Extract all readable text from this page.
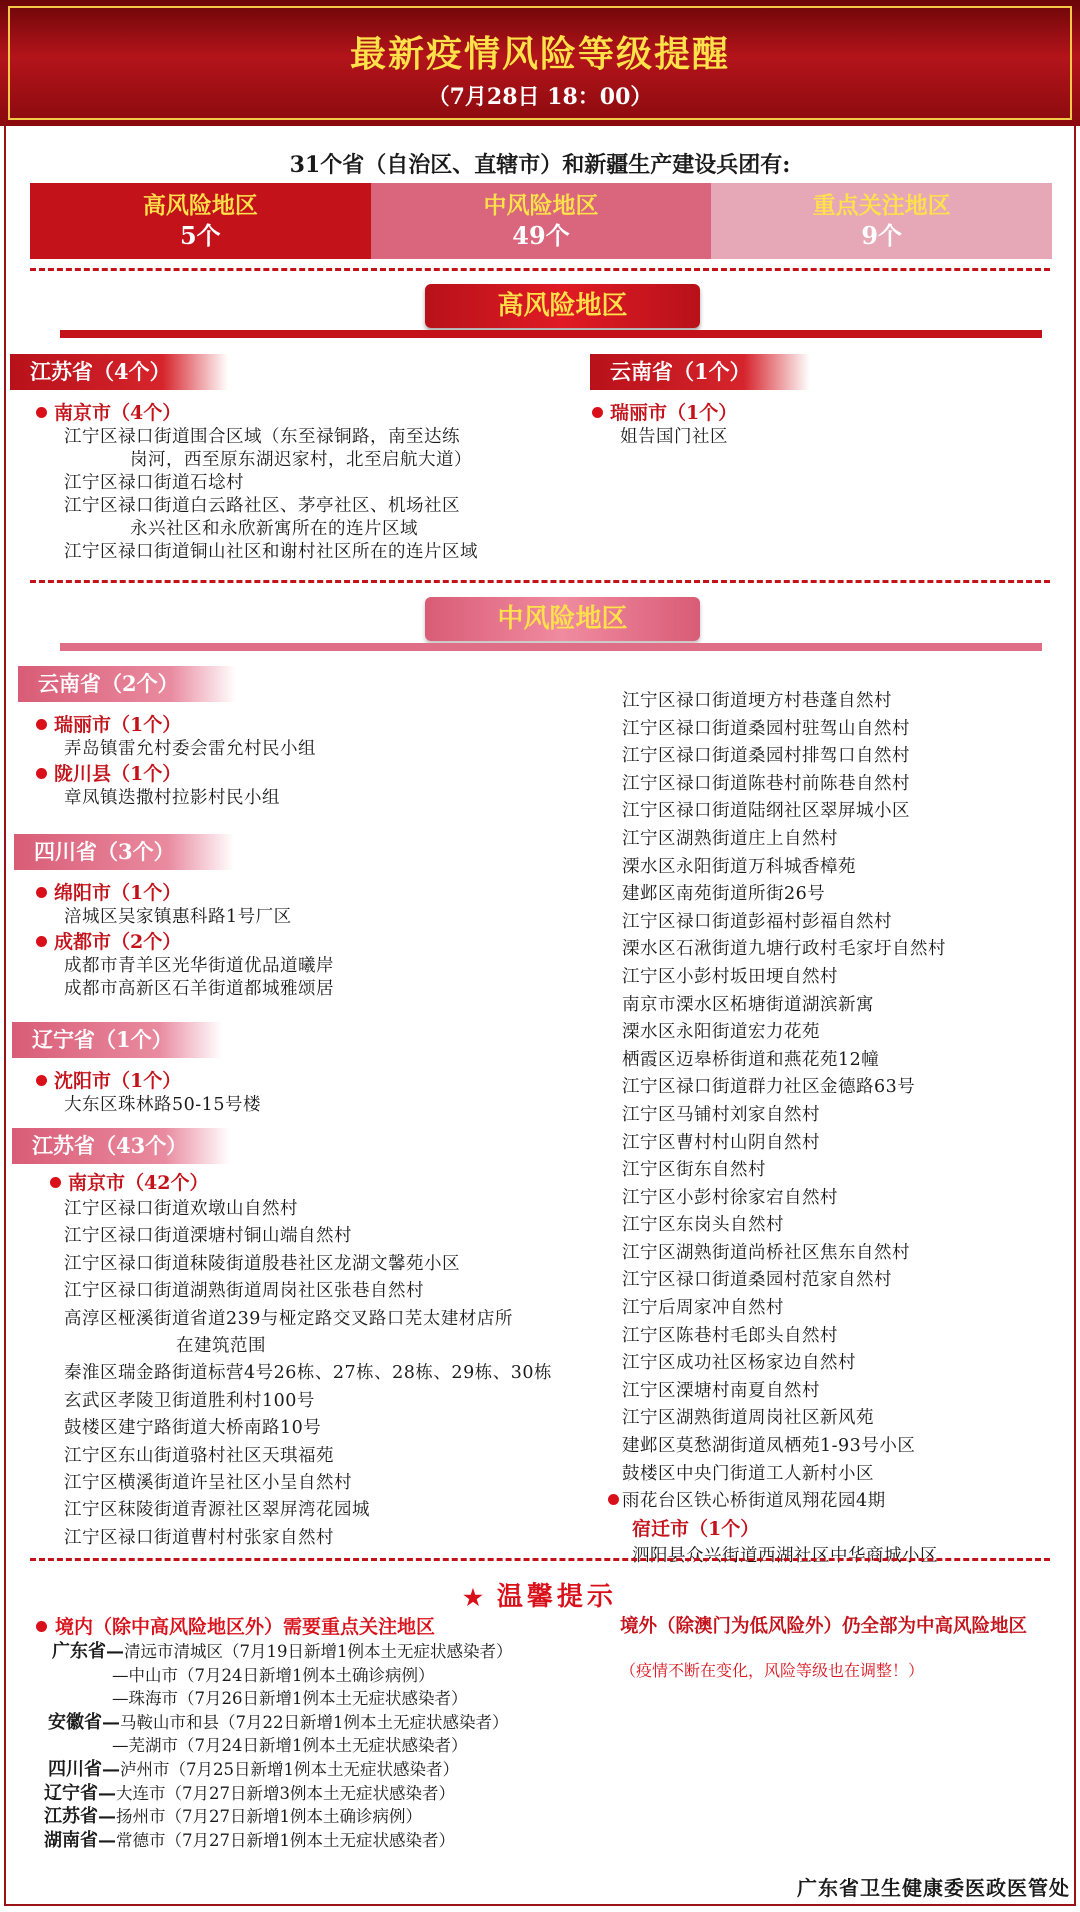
最新疫情风险等级提醒
（7月28日 18：00）
31个省（自治区、直辖市）和新疆生产建设兵团有:
高风险地区
5个
中风险地区
49个
重点关注地区
9个
高风险地区
江苏省（4个）	云南省（1个）
南京市（4个）
江宁区禄口街道围合区域（东至禄铜路，南至达练
岗河，西至原东湖迟家村，北至启航大道）
江宁区禄口街道石埝村
江宁区禄口街道白云路社区、茅亭社区、机场社区
永兴社区和永欣新寓所在的连片区域
江宁区禄口街道铜山社区和谢村社区所在的连片区域
瑞丽市（1个）
姐告国门社区
中风险地区
云南省（2个）
瑞丽市（1个）
弄岛镇雷允村委会雷允村民小组
陇川县（1个）
章凤镇迭撒村拉影村民小组
四川省（3个）
绵阳市（1个）
涪城区吴家镇惠科路1号厂区
成都市（2个）
成都市青羊区光华街道优品道曦岸
成都市高新区石羊街道都城雅颂居
辽宁省（1个）
沈阳市（1个）
大东区珠林路50-15号楼
江苏省（43个）
南京市（42个）
江宁区禄口街道欢墩山自然村
江宁区禄口街道溧塘村铜山端自然村
江宁区禄口街道秣陵街道殷巷社区龙湖文馨苑小区
江宁区禄口街道湖熟街道周岗社区张巷自然村
高淳区桠溪街道省道239与桠定路交叉路口芜太建材店所
在建筑范围
秦淮区瑞金路街道标营4号26栋、27栋、28栋、29栋、30栋
玄武区孝陵卫街道胜利村100号
鼓楼区建宁路街道大桥南路10号
江宁区东山街道骆村社区天琪福苑
江宁区横溪街道许呈社区小呈自然村
江宁区秣陵街道青源社区翠屏湾花园城
江宁区禄口街道曹村村张家自然村
江宁区禄口街道埂方村巷蓬自然村
江宁区禄口街道桑园村驻驾山自然村
江宁区禄口街道桑园村排驾口自然村
江宁区禄口街道陈巷村前陈巷自然村
江宁区禄口街道陆纲社区翠屏城小区
江宁区湖熟街道庄上自然村
溧水区永阳街道万科城香樟苑
建邺区南苑街道所街26号
江宁区禄口街道彭福村彭福自然村
溧水区石湫街道九塘行政村毛家圩自然村
江宁区小彭村坂田埂自然村
南京市溧水区柘塘街道湖滨新寓
溧水区永阳街道宏力花苑
栖霞区迈皋桥街道和燕花苑12幢
江宁区禄口街道群力社区金德路63号
江宁区马铺村刘家自然村
江宁区曹村村山阴自然村
江宁区街东自然村
江宁区小彭村徐家宕自然村
江宁区东岗头自然村
江宁区湖熟街道尚桥社区焦东自然村
江宁区禄口街道桑园村范家自然村
江宁后周家冲自然村
江宁区陈巷村毛郎头自然村
江宁区成功社区杨家边自然村
江宁区溧塘村南夏自然村
江宁区湖熟街道周岗社区新风苑
建邺区莫愁湖街道凤栖苑1-93号小区
鼓楼区中央门街道工人新村小区
雨花台区铁心桥街道凤翔花园4期
宿迁市（1个）
泗阳县众兴街道西湖社区中华商城小区
★ 温馨提示
境内（除中高风险地区外）需要重点关注地区
广东省—清远市清城区（7月19日新增1例本土无症状感染者）
—中山市（7月24日新增1例本土确诊病例）
—珠海市（7月26日新增1例本土无症状感染者）
安徽省—马鞍山市和县（7月22日新增1例本土无症状感染者）
—芜湖市（7月24日新增1例本土无症状感染者）
四川省—泸州市（7月25日新增1例本土无症状感染者）
辽宁省—大连市（7月27日新增3例本土无症状感染者）
江苏省—扬州市（7月27日新增1例本土确诊病例）
湖南省—常德市（7月27日新增1例本土无症状感染者）
境外（除澳门为低风险外）仍全部为中高风险地区
（疫情不断在变化，风险等级也在调整！）
广东省卫生健康委医政医管处
